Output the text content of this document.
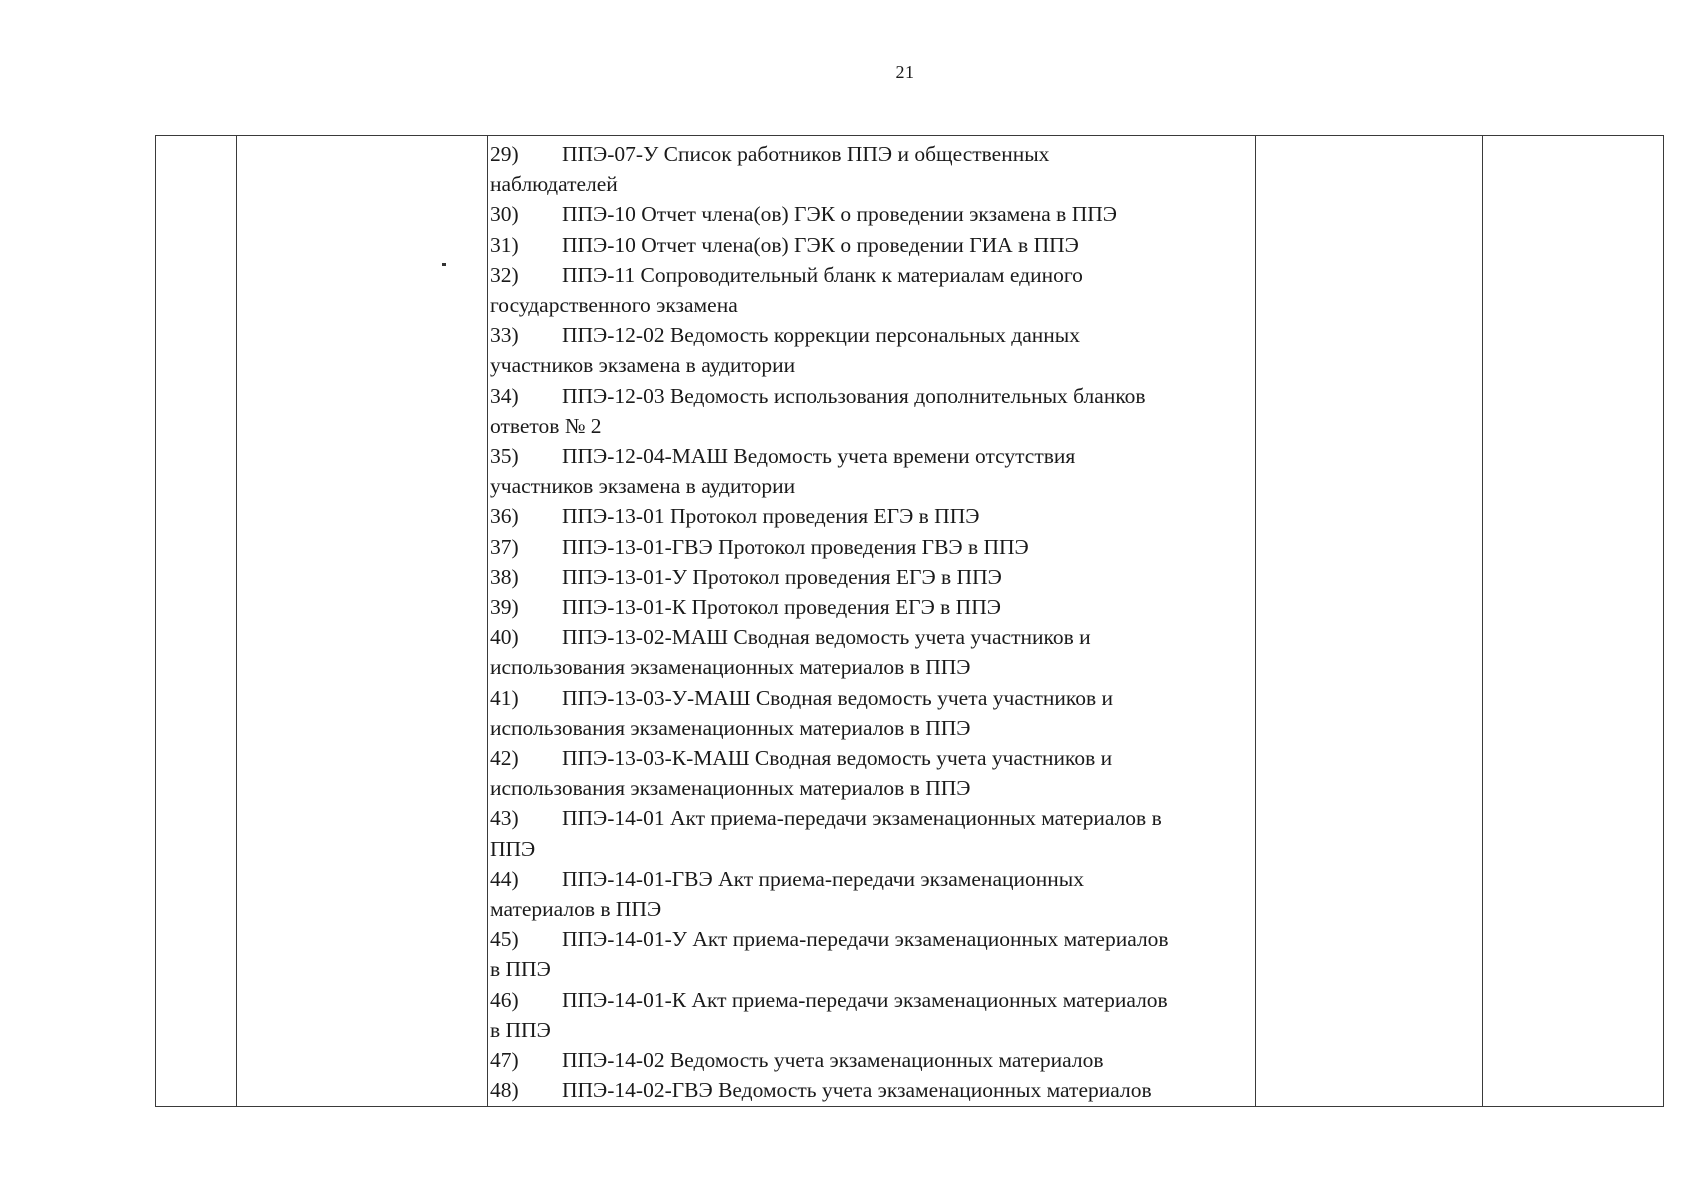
21

29) ППЭ-07-У Список работников ППЭ и общественных
наблюдателей
30) ППЭ-10 Отчет члена(ов) ГЭК о проведении экзамена в ППЭ
31) ППЭ-10 Отчет члена(ов) ГЭК о проведении ГИА в ППЭ
32) ППЭ-11 Сопроводительный бланк к материалам единого
государственного экзамена
33) ППЭ-12-02 Ведомость коррекции персональных данных
участников экзамена в аудитории
34) ППЭ-12-03 Ведомость использования дополнительных бланков
ответов № 2
35) ППЭ-12-04-МАШ Ведомость учета времени отсутствия
участников экзамена в аудитории
36) ППЭ-13-01 Протокол проведения ЕГЭ в ППЭ
37) ППЭ-13-01-ГВЭ Протокол проведения ГВЭ в ППЭ
38) ППЭ-13-01-У Протокол проведения ЕГЭ в ППЭ
39) ППЭ-13-01-К Протокол проведения ЕГЭ в ППЭ
40) ППЭ-13-02-МАШ Сводная ведомость учета участников и
использования экзаменационных материалов в ППЭ
41) ППЭ-13-03-У-МАШ Сводная ведомость учета участников и
использования экзаменационных материалов в ППЭ
42) ППЭ-13-03-К-МАШ Сводная ведомость учета участников и
использования экзаменационных материалов в ППЭ
43) ППЭ-14-01 Акт приема-передачи экзаменационных материалов в
ППЭ
44) ППЭ-14-01-ГВЭ Акт приема-передачи экзаменационных
материалов в ППЭ
45) ППЭ-14-01-У Акт приема-передачи экзаменационных материалов
в ППЭ
46) ППЭ-14-01-К Акт приема-передачи экзаменационных материалов
в ППЭ
47) ППЭ-14-02 Ведомость учета экзаменационных материалов
48) ППЭ-14-02-ГВЭ Ведомость учета экзаменационных материалов
